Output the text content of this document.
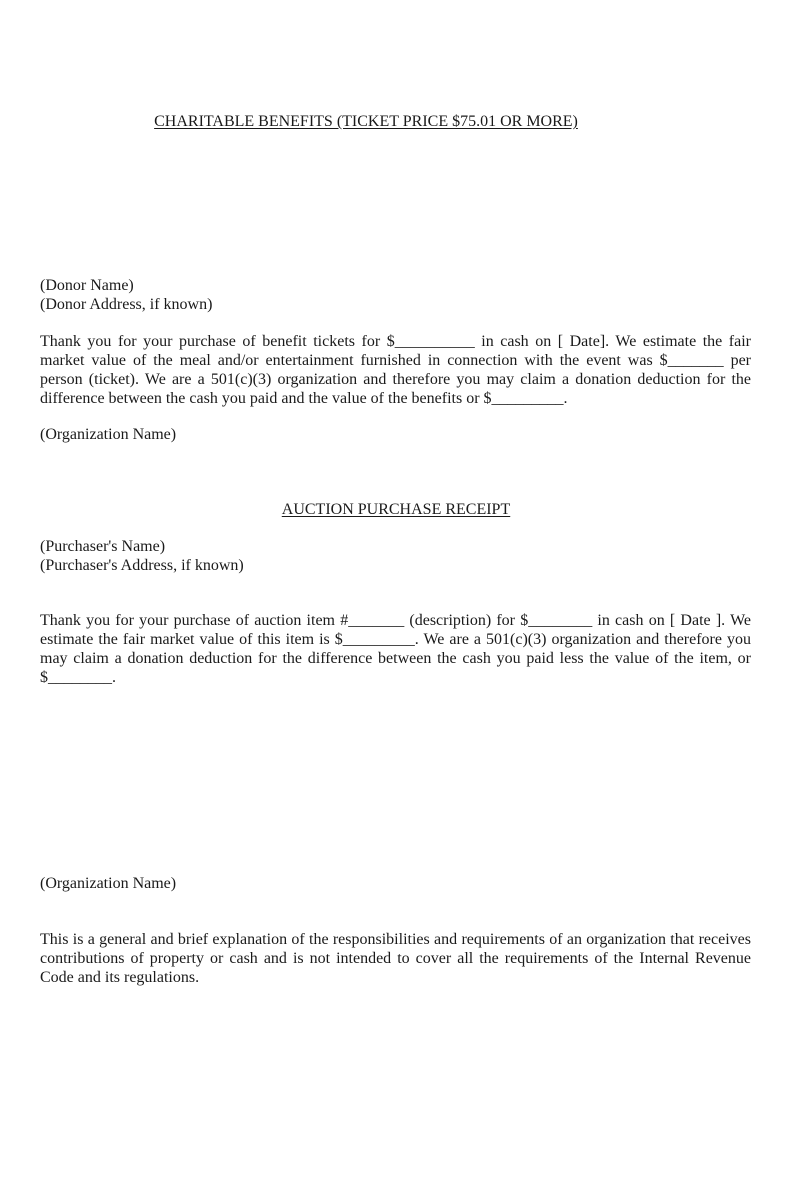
CHARITABLE BENEFITS (TICKET PRICE $75.01 OR MORE)
(Donor Name)
(Donor Address, if known)

Thank you for your purchase of benefit tickets for $__________ in cash on [ Date]. We estimate the fair market value of the meal and/or entertainment furnished in connection with the event was $_______ per person (ticket). We are a 501(c)(3) organization and therefore you may claim a donation deduction for the difference between the cash you paid and the value of the benefits or $_________.

(Organization Name)
AUCTION PURCHASE RECEIPT
(Purchaser's Name)
(Purchaser's Address, if known)

Thank you for your purchase of auction item #_______ (description) for $________ in cash on [ Date ]. We estimate the fair market value of this item is $_________. We are a 501(c)(3) organization and therefore you may claim a donation deduction for the difference between the cash you paid less the value of the item, or $________.

(Organization Name)

This is a general and brief explanation of the responsibilities and requirements of an organization that receives contributions of property or cash and is not intended to cover all the requirements of the Internal Revenue Code and its regulations.
